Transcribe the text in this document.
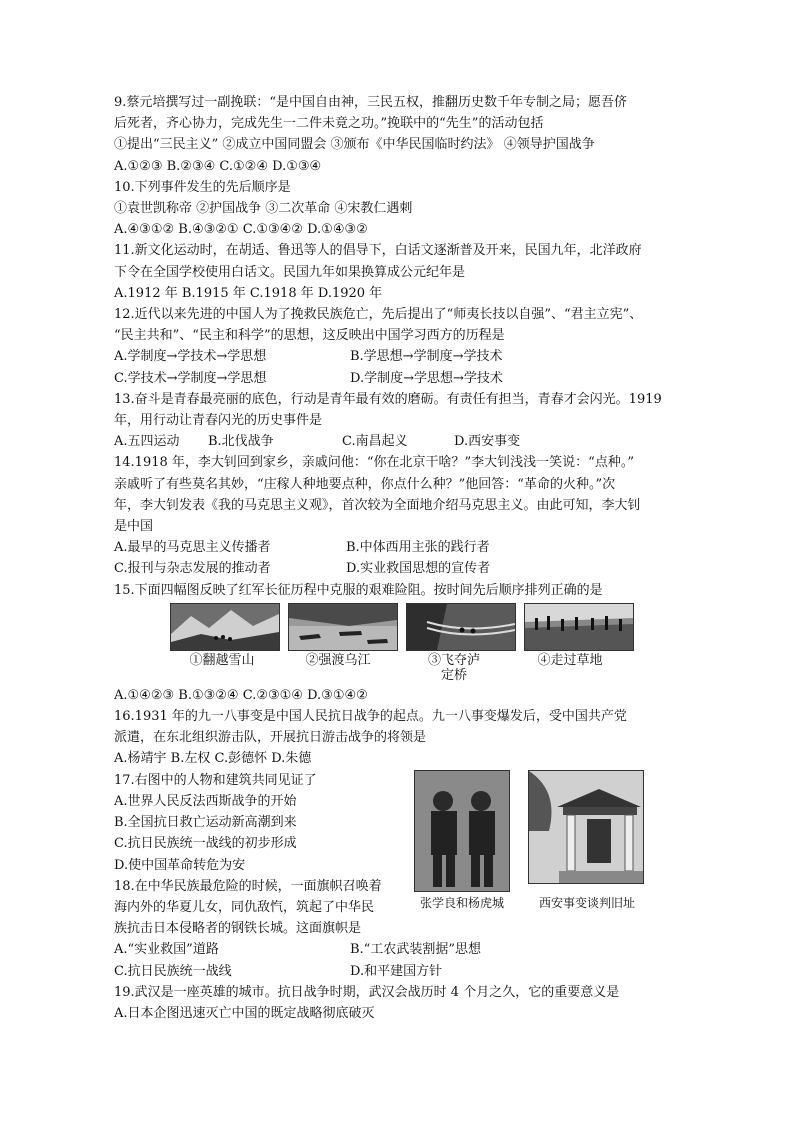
9.蔡元培撰写过一副挽联：“是中国自由神，三民五权，推翻历史数千年专制之局；愿吾侪
后死者，齐心协力，完成先生一二件未竟之功。”挽联中的“先生”的活动包括
①提出“三民主义” ②成立中国同盟会 ③颁布《中华民国临时约法》 ④领导护国战争
A.①②③ B.②③④ C.①②④ D.①③④
10.下列事件发生的先后顺序是
①袁世凯称帝 ②护国战争 ③二次革命 ④宋教仁遇刺
A.④③①② B.④③②① C.①③④② D.①④③②
11.新文化运动时，在胡适、鲁迅等人的倡导下，白话文逐渐普及开来，民国九年，北洋政府
下令在全国学校使用白话文。民国九年如果换算成公元纪年是
A.1912 年 B.1915 年 C.1918 年 D.1920 年
12.近代以来先进的中国人为了挽救民族危亡，先后提出了“师夷长技以自强”、“君主立宪”、
“民主共和”、“民主和科学”的思想，这反映出中国学习西方的历程是
A.学制度→学技术→学思想	B.学思想→学制度→学技术
C.学技术→学制度→学思想	D.学制度→学思想→学技术
13.奋斗是青春最亮丽的底色，行动是青年最有效的磨砺。有责任有担当，青春才会闪光。1919
年，用行动让青春闪光的历史事件是
A.五四运动	B.北伐战争	C.南昌起义	D.西安事变
14.1918 年，李大钊回到家乡，亲戚问他：“你在北京干啥？”李大钊浅浅一笑说：“点种。”
亲戚听了有些莫名其妙，“庄稼人种地要点种，你点什么种？”他回答：“革命的火种。”次
年，李大钊发表《我的马克思主义观》，首次较为全面地介绍马克思主义。由此可知，李大钊
是中国
A.最早的马克思主义传播者	B.中体西用主张的践行者
C.报刊与杂志发展的推动者	D.实业救国思想的宣传者
15.下面四幅图反映了红军长征历程中克服的艰难险阻。按时间先后顺序排列正确的是
①翻越雪山	②强渡乌江	③飞夺泸
定桥
④走过草地
A.①④②③ B.①③②④ C.②③①④ D.③①④②
16.1931 年的九一八事变是中国人民抗日战争的起点。九一八事变爆发后，受中国共产党
派遣，在东北组织游击队，开展抗日游击战争的将领是
A.杨靖宇 B.左权 C.彭德怀 D.朱德
张学良和杨虎城	西安事变谈判旧址
17.右图中的人物和建筑共同见证了
A.世界人民反法西斯战争的开始
B.全国抗日救亡运动新高潮到来
C.抗日民族统一战线的初步形成
D.使中国革命转危为安
18.在中华民族最危险的时候，一面旗帜召唤着
海内外的华夏儿女，同仇敌忾，筑起了中华民
族抗击日本侵略者的钢铁长城。这面旗帜是
A.“实业救国”道路	B.“工农武装割据”思想
C.抗日民族统一战线	D.和平建国方针
19.武汉是一座英雄的城市。抗日战争时期，武汉会战历时 4 个月之久，它的重要意义是
A.日本企图迅速灭亡中国的既定战略彻底破灭
